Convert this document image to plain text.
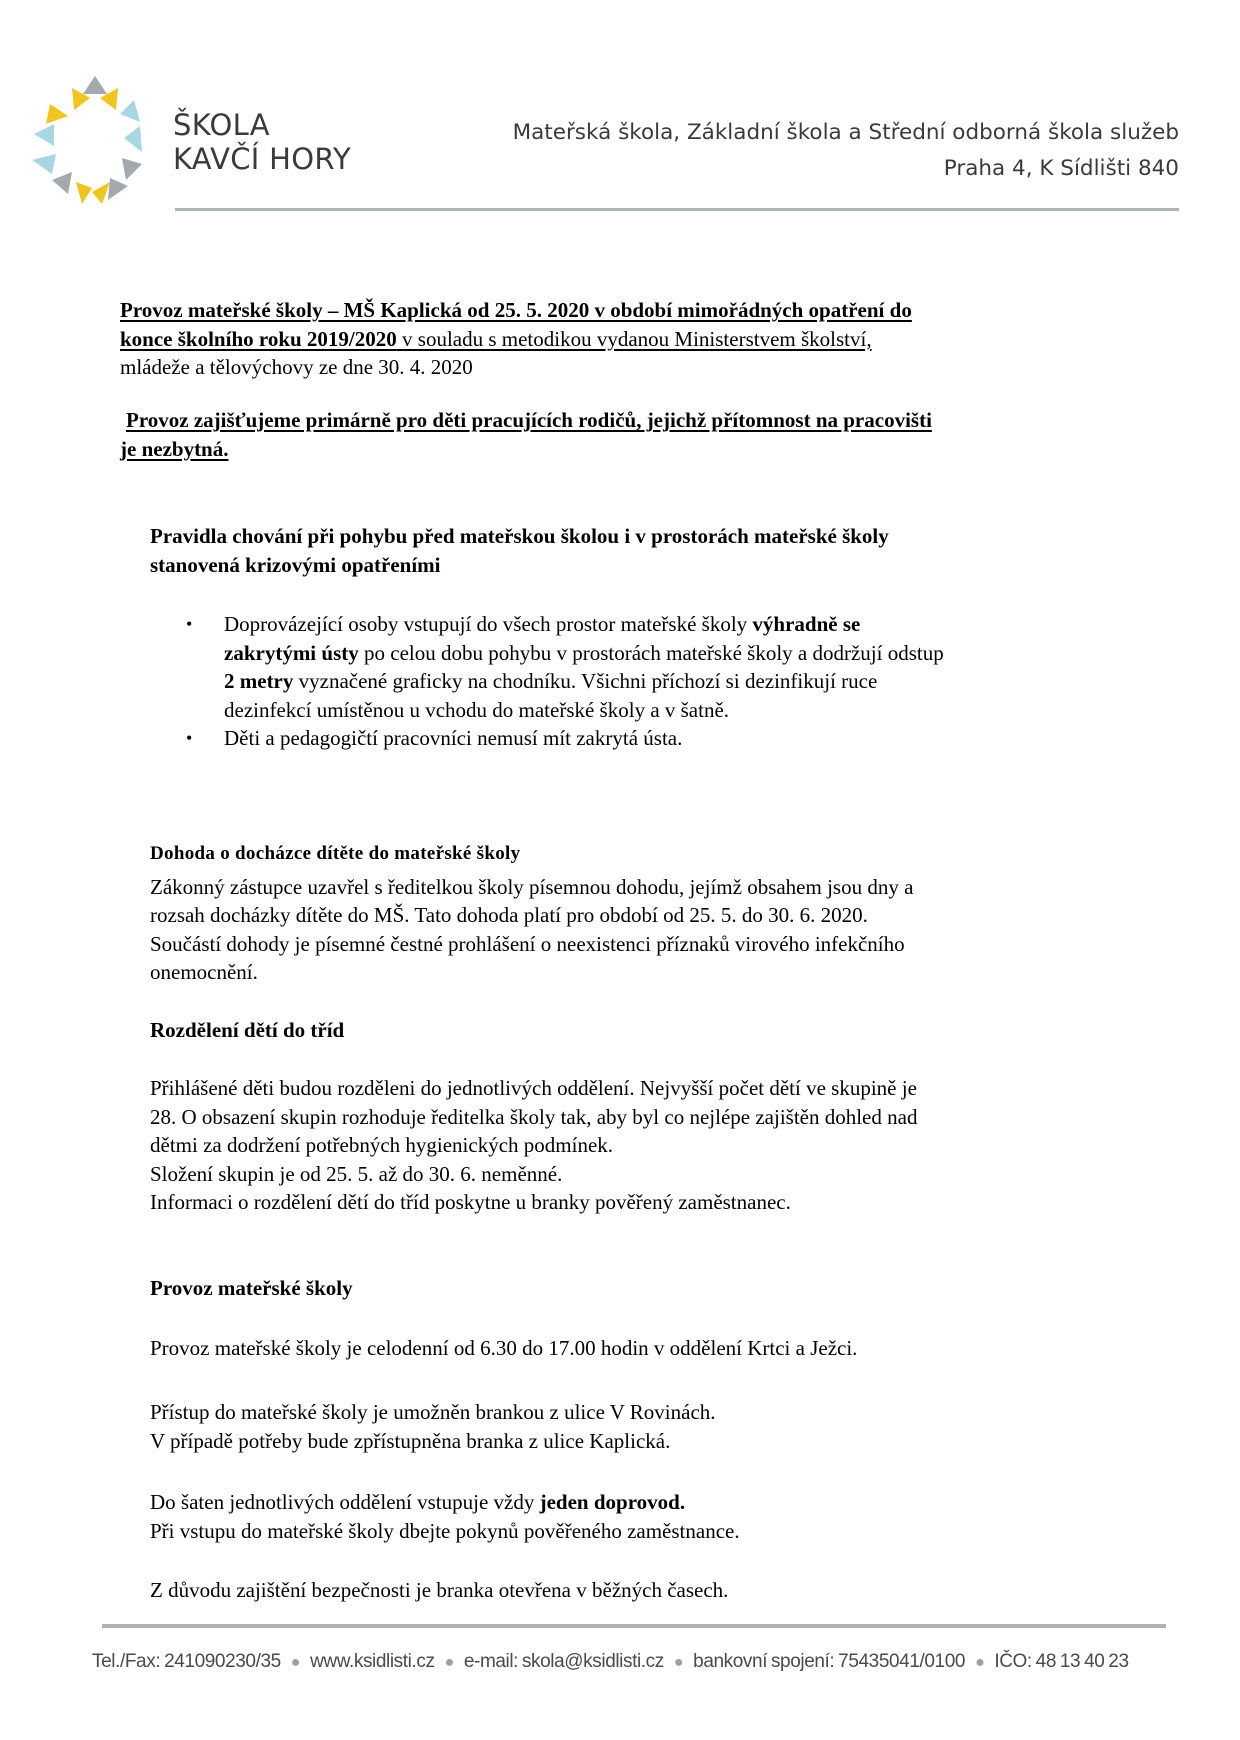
ŠKOLA
KAVČÍ HORY
Mateřská škola, Základní škola a Střední odborná škola služeb
Praha 4, K Sídlišti 840
Provoz mateřské školy – MŠ Kaplická od 25. 5. 2020 v období mimořádných opatření do
konce školního roku 2019/2020 v souladu s metodikou vydanou Ministerstvem školství,
mládeže a tělovýchovy ze dne 30. 4. 2020
Provoz zajišťujeme primárně pro děti pracujících rodičů, jejichž přítomnost na pracovišti
je nezbytná.
Pravidla chování při pohybu před mateřskou školou i v prostorách mateřské školy
stanovená krizovými opatřeními
• Doprovázející osoby vstupují do všech prostor mateřské školy výhradně se
zakrytými ústy po celou dobu pohybu v prostorách mateřské školy a dodržují odstup
2 metry vyznačené graficky na chodníku. Všichni příchozí si dezinfikují ruce
dezinfekcí umístěnou u vchodu do mateřské školy a v šatně.
• Děti a pedagogičtí pracovníci nemusí mít zakrytá ústa.
Dohoda o docházce dítěte do mateřské školy
Zákonný zástupce uzavřel s ředitelkou školy písemnou dohodu, jejímž obsahem jsou dny a
rozsah docházky dítěte do MŠ. Tato dohoda platí pro období od 25. 5. do 30. 6. 2020.
Součástí dohody je písemné čestné prohlášení o neexistenci příznaků virového infekčního
onemocnění.
Rozdělení dětí do tříd
Přihlášené děti budou rozděleni do jednotlivých oddělení. Nejvyšší počet dětí ve skupině je
28. O obsazení skupin rozhoduje ředitelka školy tak, aby byl co nejlépe zajištěn dohled nad
dětmi za dodržení potřebných hygienických podmínek.
Složení skupin je od 25. 5. až do 30. 6. neměnné.
Informaci o rozdělení dětí do tříd poskytne u branky pověřený zaměstnanec.
Provoz mateřské školy
Provoz mateřské školy je celodenní od 6.30 do 17.00 hodin v oddělení Krtci a Ježci.
Přístup do mateřské školy je umožněn brankou z ulice V Rovinách.
V případě potřeby bude zpřístupněna branka z ulice Kaplická.
Do šaten jednotlivých oddělení vstupuje vždy jeden doprovod.
Při vstupu do mateřské školy dbejte pokynů pověřeného zaměstnance.
Z důvodu zajištění bezpečnosti je branka otevřena v běžných časech.
Tel./Fax: 241090230/35 ● www.ksidlisti.cz ● e-mail: skola@ksidlisti.cz ● bankovní spojení: 75435041/0100 ● IČO: 48 13 40 23
